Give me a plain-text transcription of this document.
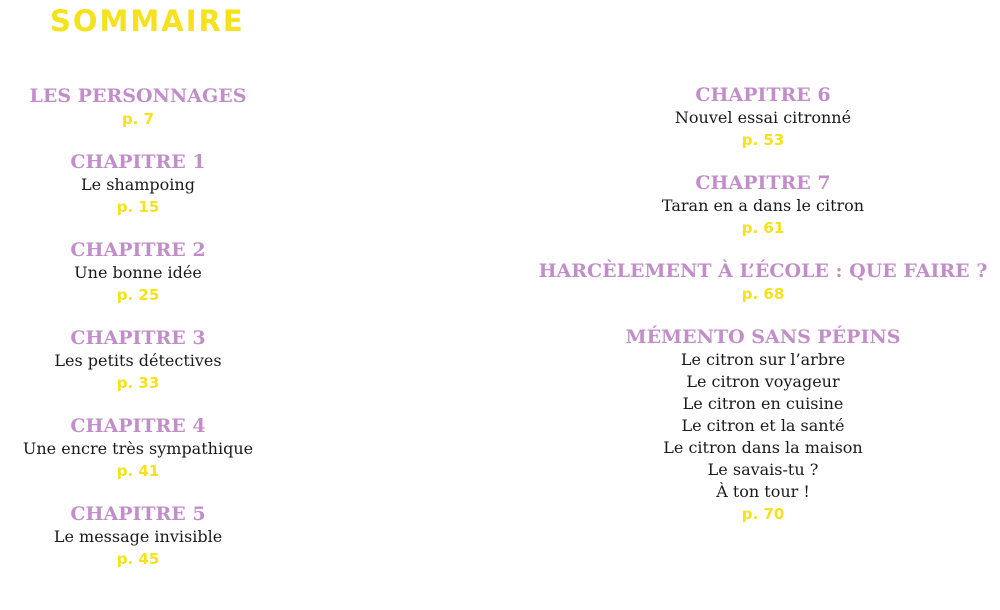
SOMMAIRE
LES PERSONNAGES
p. 7
CHAPITRE 1
Le shampoing
p. 15
CHAPITRE 2
Une bonne idée
p. 25
CHAPITRE 3
Les petits détectives
p. 33
CHAPITRE 4
Une encre très sympathique
p. 41
CHAPITRE 5
Le message invisible
p. 45
CHAPITRE 6
Nouvel essai citronné
p. 53
CHAPITRE 7
Taran en a dans le citron
p. 61
HARCÈLEMENT À L’ÉCOLE : QUE FAIRE ?
p. 68
MÉMENTO SANS PÉPINS
Le citron sur l’arbre
Le citron voyageur
Le citron en cuisine
Le citron et la santé
Le citron dans la maison
Le savais-tu ?
À ton tour !
p. 70
